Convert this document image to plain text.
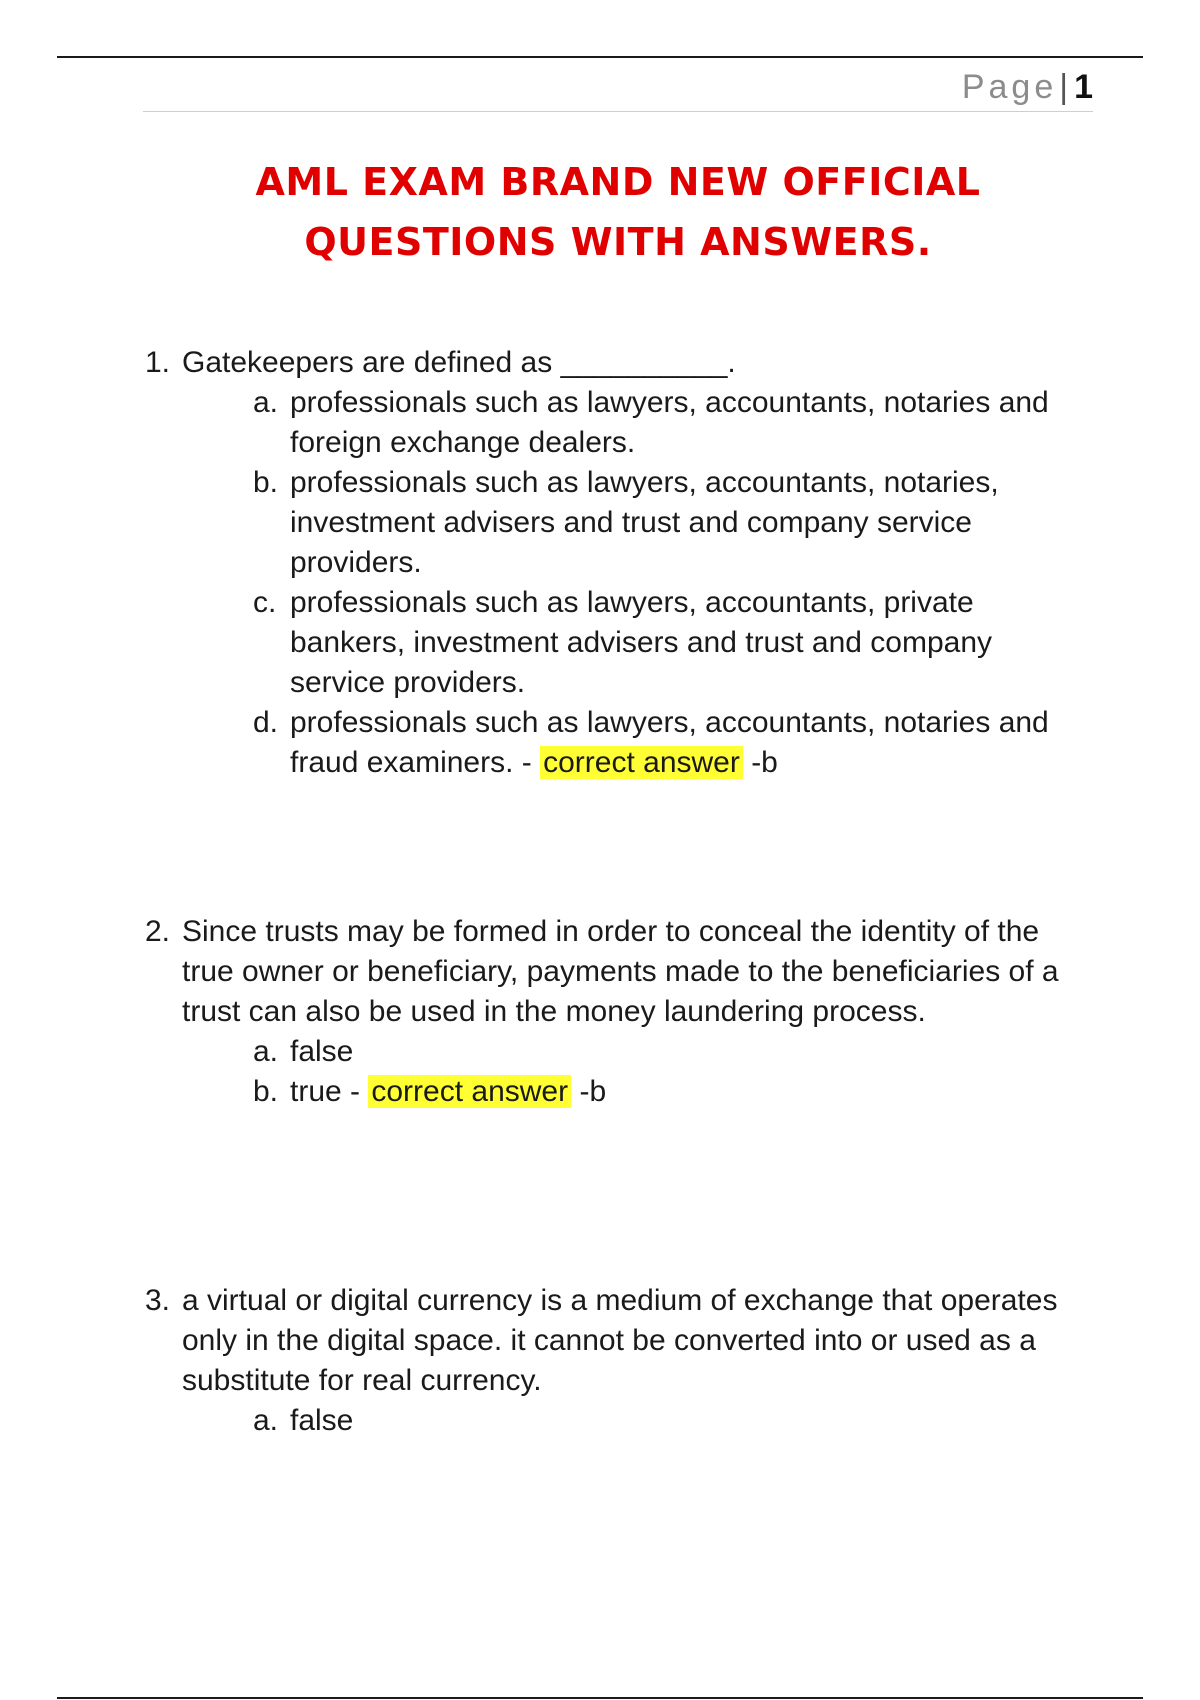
Page| 1
AML EXAM BRAND NEW OFFICIAL
QUESTIONS WITH ANSWERS.
1. Gatekeepers are defined as __________.
a. professionals such as lawyers, accountants, notaries and foreign exchange dealers.
b. professionals such as lawyers, accountants, notaries, investment advisers and trust and company service providers.
c. professionals such as lawyers, accountants, private bankers, investment advisers and trust and company service providers.
d. professionals such as lawyers, accountants, notaries and fraud examiners. - correct answer -b
2. Since trusts may be formed in order to conceal the identity of the true owner or beneficiary, payments made to the beneficiaries of a trust can also be used in the money laundering process.
a. false
b. true - correct answer -b
3. a virtual or digital currency is a medium of exchange that operates only in the digital space. it cannot be converted into or used as a substitute for real currency.
a. false
